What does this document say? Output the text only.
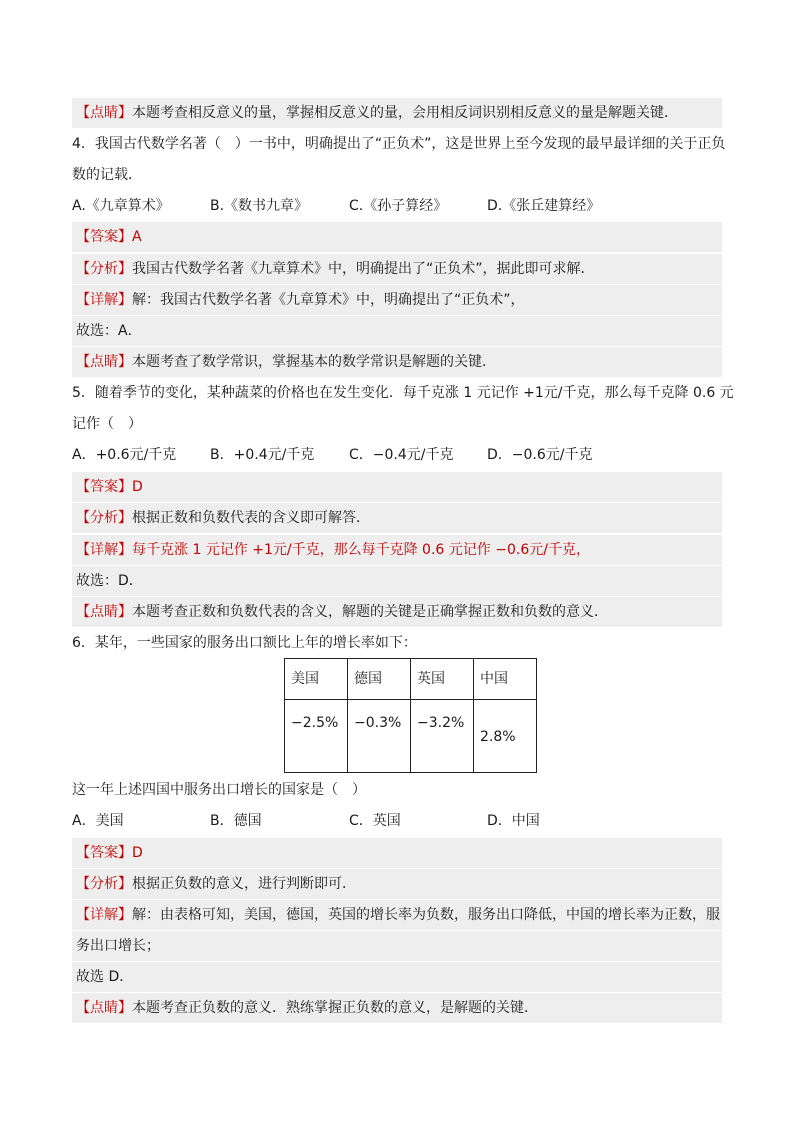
【点睛】本题考查相反意义的量，掌握相反意义的量，会用相反词识别相反意义的量是解题关键．
4．我国古代数学名著（　）一书中，明确提出了“正负术”，这是世界上至今发现的最早最详细的关于正负
数的记载．
A.《九章算术》	B.《数书九章》	C.《孙子算经》	D.《张丘建算经》
【答案】A
【分析】我国古代数学名著《九章算术》中，明确提出了“正负术”，据此即可求解．
【详解】解：我国古代数学名著《九章算术》中，明确提出了“正负术”，
故选：A．
【点睛】本题考查了数学常识，掌握基本的数学常识是解题的关键．
5．随着季节的变化，某种蔬菜的价格也在发生变化．每千克涨 1 元记作 +1元/千克，那么每千克降 0.6 元
记作（　）
A．+0.6元/千克 B．+0.4元/千克 C．−0.4元/千克 D．−0.6元/千克
【答案】D
【分析】根据正数和负数代表的含义即可解答．
【详解】每千克涨 1 元记作 +1元/千克，那么每千克降 0.6 元记作 −0.6元/千克，
故选：D．
【点睛】本题考查正数和负数代表的含义，解题的关键是正确掌握正数和负数的意义．
6．某年，一些国家的服务出口额比上年的增长率如下：
美国	德国	英国	中国
−2.5%	−0.3%	−3.2%	2.8%
这一年上述四国中服务出口增长的国家是（　）
A．美国	B．德国	C．英国	D．中国
【答案】D
【分析】根据正负数的意义，进行判断即可．
【详解】解：由表格可知，美国，德国，英国的增长率为负数，服务出口降低，中国的增长率为正数，服
务出口增长；
故选 D．
【点睛】本题考查正负数的意义．熟练掌握正负数的意义，是解题的关键．
